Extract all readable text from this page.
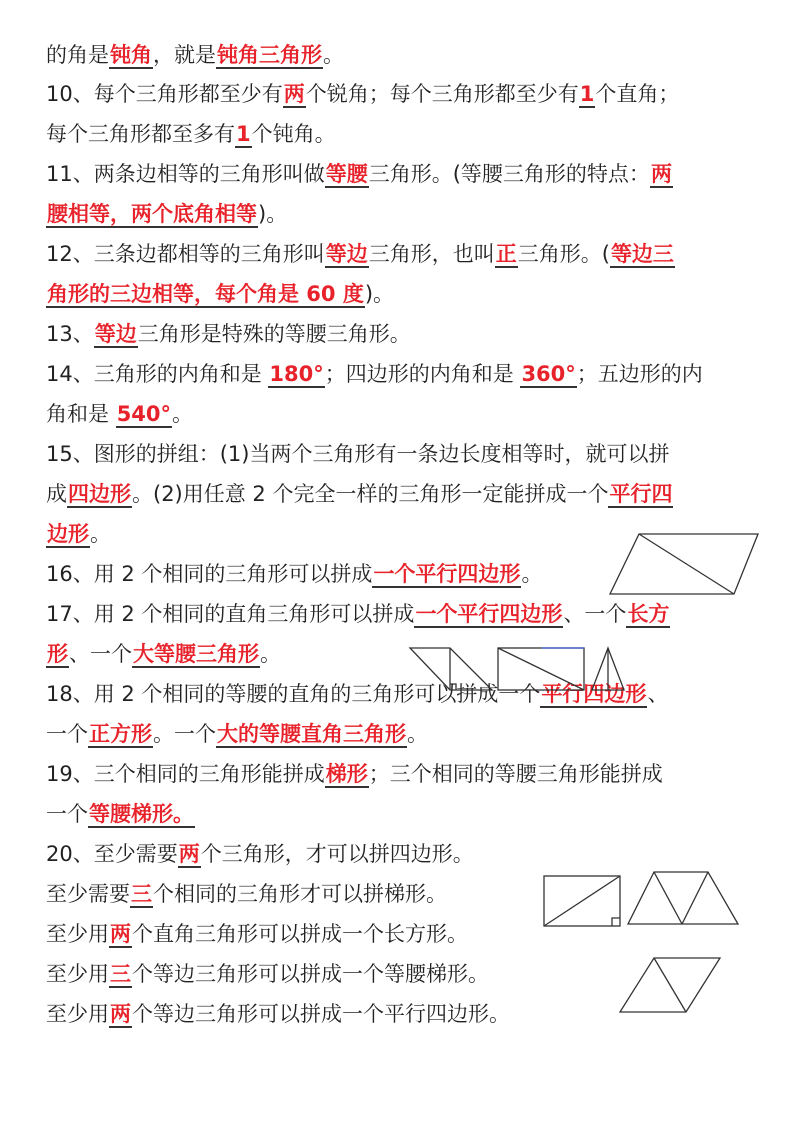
的角是钝角，就是钝角三角形。
10、每个三角形都至少有两个锐角；每个三角形都至少有1个直角；
每个三角形都至多有1个钝角。
11、两条边相等的三角形叫做等腰三角形。(等腰三角形的特点：两
腰相等，两个底角相等)。
12、三条边都相等的三角形叫等边三角形，也叫正三角形。(等边三
角形的三边相等，每个角是 60 度)。
13、等边三角形是特殊的等腰三角形。
14、三角形的内角和是 180°；四边形的内角和是 360°；五边形的内
角和是 540°。
15、图形的拼组：(1)当两个三角形有一条边长度相等时，就可以拼
成四边形。(2)用任意 2 个完全一样的三角形一定能拼成一个平行四
边形。
16、用 2 个相同的三角形可以拼成一个平行四边形。
17、用 2 个相同的直角三角形可以拼成一个平行四边形、一个长方
形、一个大等腰三角形。
18、用 2 个相同的等腰的直角的三角形可以拼成一个平行四边形、
一个正方形。一个大的等腰直角三角形。
19、三个相同的三角形能拼成梯形；三个相同的等腰三角形能拼成
一个等腰梯形。
20、至少需要两个三角形，才可以拼四边形。
至少需要三个相同的三角形才可以拼梯形。
至少用两个直角三角形可以拼成一个长方形。
至少用三个等边三角形可以拼成一个等腰梯形。
至少用两个等边三角形可以拼成一个平行四边形。
